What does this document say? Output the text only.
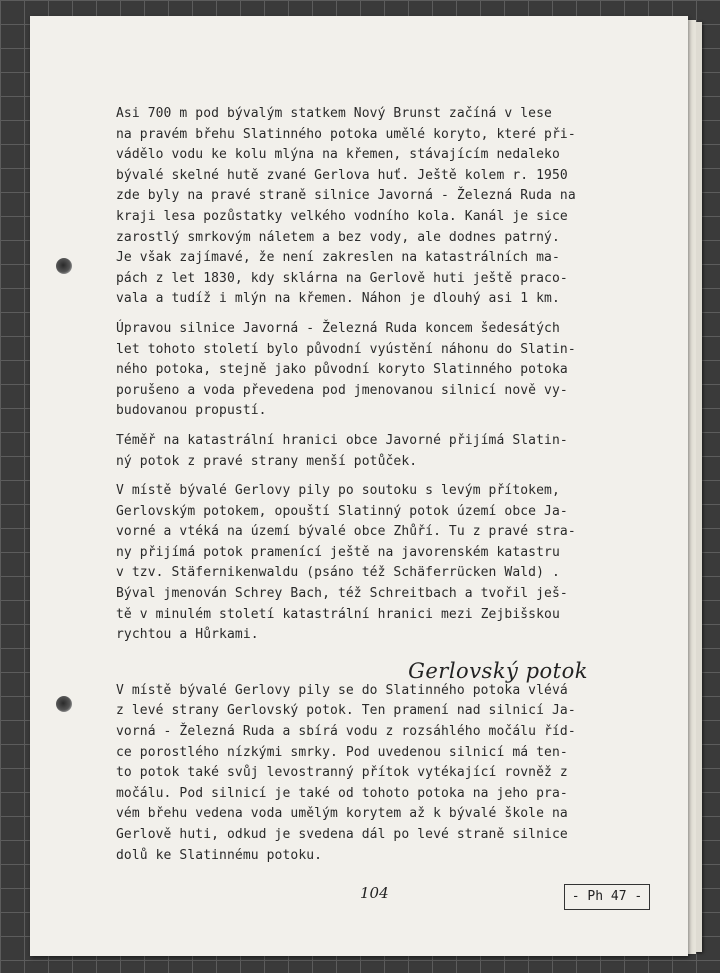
Asi 700 m pod bývalým statkem Nový Brunst začíná v lese
na pravém břehu Slatinného potoka umělé koryto, které při-
vádělo vodu ke kolu mlýna na křemen, stávajícím nedaleko
bývalé skelné hutě zvané Gerlova huť. Ještě kolem r. 1950
zde byly na pravé straně silnice Javorná - Železná Ruda na
kraji lesa pozůstatky velkého vodního kola. Kanál je sice
zarostlý smrkovým náletem a bez vody, ale dodnes patrný.
Je však zajímavé, že není zakreslen na katastrálních ma-
pách z let 1830, kdy sklárna na Gerlově huti ještě praco-
vala a tudíž i mlýn na křemen. Náhon je dlouhý asi 1 km.
Úpravou silnice Javorná - Železná Ruda koncem šedesátých
let tohoto století bylo původní vyústění náhonu do Slatin-
ného potoka, stejně jako původní koryto Slatinného potoka
porušeno a voda převedena pod jmenovanou silnicí nově vy-
budovanou propustí.
Téměř na katastrální hranici obce Javorné přijímá Slatin-
ný potok z pravé strany menší potůček.
V místě bývalé Gerlovy pily po soutoku s levým přítokem,
Gerlovským potokem, opouští Slatinný potok území obce Ja-
vorné a vtéká na území bývalé obce Zhůří. Tu z pravé stra-
ny přijímá potok pramenící ještě na javorenském katastru
v tzv. Stäfernikenwaldu (psáno též Schäferrücken Wald) .
Býval jmenován Schrey Bach, též Schreitbach a tvořil ješ-
tě v minulém století katastrální hranici mezi Zejbišskou
rychtou a Hůrkami.
Gerlovský potok
V místě bývalé Gerlovy pily se do Slatinného potoka vlévá
z levé strany Gerlovský potok. Ten pramení nad silnicí Ja-
vorná - Železná Ruda a sbírá vodu z rozsáhlého močálu říd-
ce porostlého nízkými smrky. Pod uvedenou silnicí má ten-
to potok také svůj levostranný přítok vytékající rovněž z
močálu. Pod silnicí je také od tohoto potoka na jeho pra-
vém břehu vedena voda umělým korytem až k bývalé škole na
Gerlově huti, odkud je svedena dál po levé straně silnice
dolů ke Slatinnému potoku.
104	- Ph 47 -
